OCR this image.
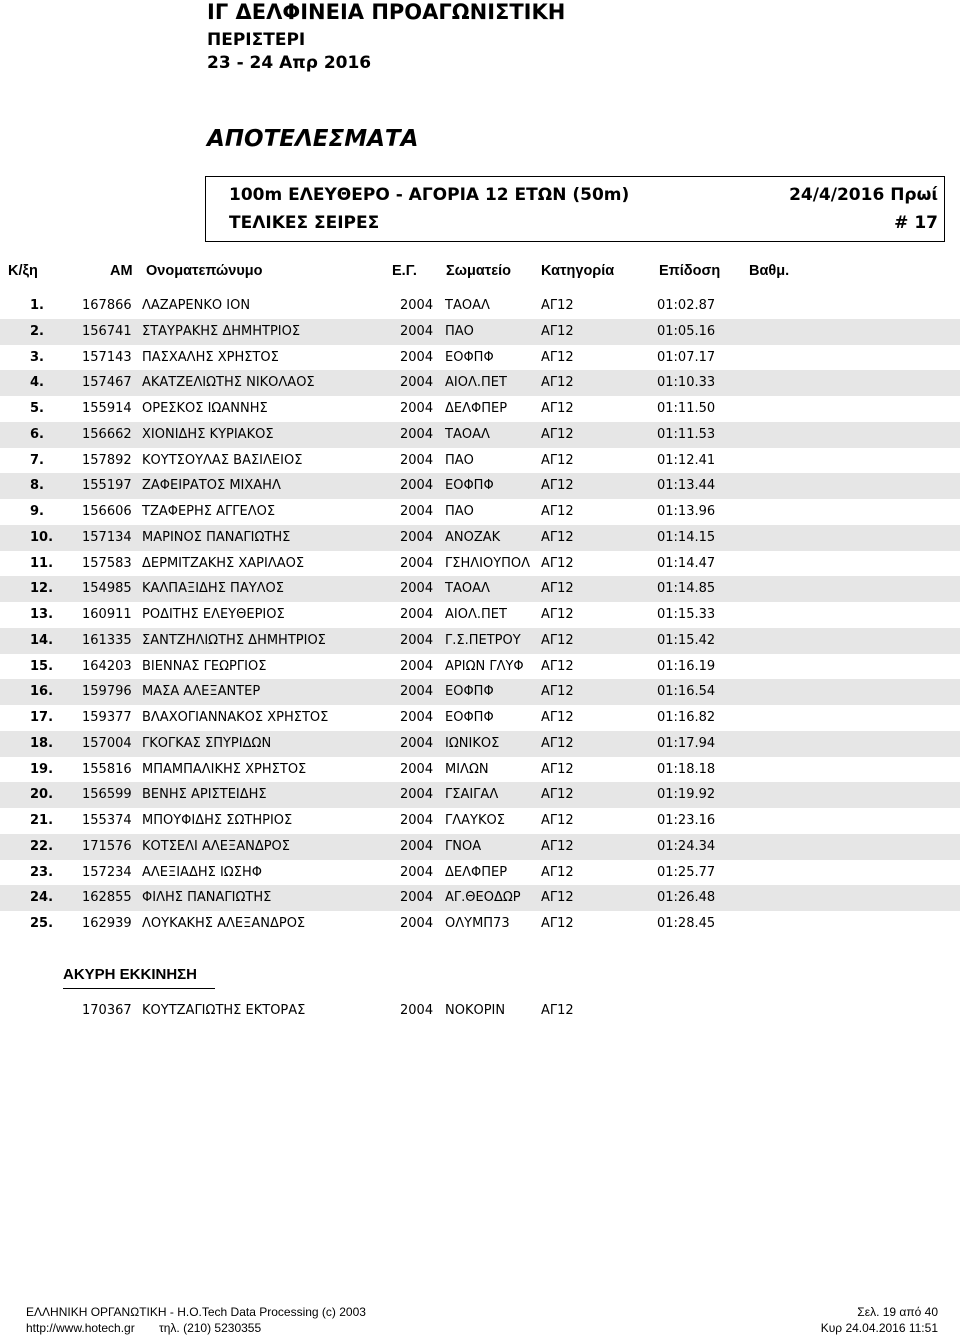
ΙΓ ΔΕΛΦΙΝΕΙΑ ΠΡΟΑΓΩΝΙΣΤΙΚΗ
ΠΕΡΙΣΤΕΡΙ
23 - 24 Απρ 2016
ΑΠΟΤΕΛΕΣΜΑΤΑ
100m ΕΛΕΥΘΕΡΟ - ΑΓΟΡΙΑ 12 ΕΤΩΝ (50m)	24/4/2016 Πρωί
ΤΕΛΙΚΕΣ ΣΕΙΡΕΣ	# 17
Κ/ξη	ΑΜ Ονοματεπώνυμο	Ε.Γ. Σωματείο Κατηγορία	Επίδοση Βαθμ.
1.	167866 ΛΑΖΑΡΕΝΚΟ ΙΟΝ	2004 ΤΑΟΑΛ	ΑΓ12	01:02.87
2.	156741 ΣΤΑΥΡΑΚΗΣ ΔΗΜΗΤΡΙΟΣ	2004 ΠΑΟ	ΑΓ12	01:05.16
3.	157143 ΠΑΣΧΑΛΗΣ ΧΡΗΣΤΟΣ	2004 ΕΟΦΠΦ	ΑΓ12	01:07.17
4.	157467 ΑΚΑΤΖΕΛΙΩΤΗΣ ΝΙΚΟΛΑΟΣ	2004 ΑΙΟΛ.ΠΕΤ	ΑΓ12	01:10.33
5.	155914 ΟΡΕΣΚΟΣ ΙΩΑΝΝΗΣ	2004 ΔΕΛΦΠΕΡ	ΑΓ12	01:11.50
6.	156662 ΧΙΟΝΙΔΗΣ ΚΥΡΙΑΚΟΣ	2004 ΤΑΟΑΛ	ΑΓ12	01:11.53
7.	157892 ΚΟΥΤΣΟΥΛΑΣ ΒΑΣΙΛΕΙΟΣ	2004 ΠΑΟ	ΑΓ12	01:12.41
8.	155197 ΖΑΦΕΙΡΑΤΟΣ ΜΙΧΑΗΛ	2004 ΕΟΦΠΦ	ΑΓ12	01:13.44
9.	156606 ΤΖΑΦΕΡΗΣ ΑΓΓΕΛΟΣ	2004 ΠΑΟ	ΑΓ12	01:13.96
10. 157134 ΜΑΡΙΝΟΣ ΠΑΝΑΓΙΩΤΗΣ	2004 ΑΝΟΖΑΚ	ΑΓ12	01:14.15
11. 157583 ΔΕΡΜΙΤΖΑΚΗΣ ΧΑΡΙΛΑΟΣ	2004 ΓΣΗΛΙΟΥΠΟΛ ΑΓ12	01:14.47
12. 154985 ΚΑΛΠΑΞΙΔΗΣ ΠΑΥΛΟΣ	2004 ΤΑΟΑΛ	ΑΓ12	01:14.85
13. 160911 ΡΟΔΙΤΗΣ ΕΛΕΥΘΕΡΙΟΣ	2004 ΑΙΟΛ.ΠΕΤ	ΑΓ12	01:15.33
14. 161335 ΣΑΝΤΖΗΛΙΩΤΗΣ ΔΗΜΗΤΡΙΟΣ	2004 Γ.Σ.ΠΕΤΡΟΥ ΑΓ12	01:15.42
15. 164203 ΒΙΕΝΝΑΣ ΓΕΩΡΓΙΟΣ	2004 ΑΡΙΩΝ ΓΛΥΦ ΑΓ12	01:16.19
16. 159796 ΜΑΣΑ ΑΛΕΞΑΝΤΕΡ	2004 ΕΟΦΠΦ	ΑΓ12	01:16.54
17. 159377 ΒΛΑΧΟΓΙΑΝΝΑΚΟΣ ΧΡΗΣΤΟΣ	2004 ΕΟΦΠΦ	ΑΓ12	01:16.82
18. 157004 ΓΚΟΓΚΑΣ ΣΠΥΡΙΔΩΝ	2004 ΙΩΝΙΚΟΣ	ΑΓ12	01:17.94
19. 155816 ΜΠΑΜΠΑΛΙΚΗΣ ΧΡΗΣΤΟΣ	2004 ΜΙΛΩΝ	ΑΓ12	01:18.18
20. 156599 ΒΕΝΗΣ ΑΡΙΣΤΕΙΔΗΣ	2004 ΓΣΑΙΓΑΛ	ΑΓ12	01:19.92
21. 155374 ΜΠΟΥΦΙΔΗΣ ΣΩΤΗΡΙΟΣ	2004 ΓΛΑΥΚΟΣ	ΑΓ12	01:23.16
22. 171576 ΚΟΤΣΕΛΙ ΑΛΕΞΑΝΔΡΟΣ	2004 ΓΝΟΑ	ΑΓ12	01:24.34
23. 157234 ΑΛΕΞΙΑΔΗΣ ΙΩΣΗΦ	2004 ΔΕΛΦΠΕΡ	ΑΓ12	01:25.77
24. 162855 ΦΙΛΗΣ ΠΑΝΑΓΙΩΤΗΣ	2004 ΑΓ.ΘΕΟΔΩΡ ΑΓ12	01:26.48
25. 162939 ΛΟΥΚΑΚΗΣ ΑΛΕΞΑΝΔΡΟΣ	2004 ΟΛΥΜΠ73 ΑΓ12	01:28.45
ΑΚΥΡΗ ΕΚΚΙΝΗΣΗ
170367 ΚΟΥΤΖΑΓΙΩΤΗΣ ΕΚΤΟΡΑΣ	2004 ΝΟΚΟΡΙΝ	ΑΓ12
ΕΛΛΗΝΙΚΗ ΟΡΓΑΝΩΤΙΚΗ - Η.Ο.Tech Data Processing (c) 2003
http://www.hotech.gr τηλ. (210) 5230355
Σελ. 19 από 40
Κυρ 24.04.2016 11:51
